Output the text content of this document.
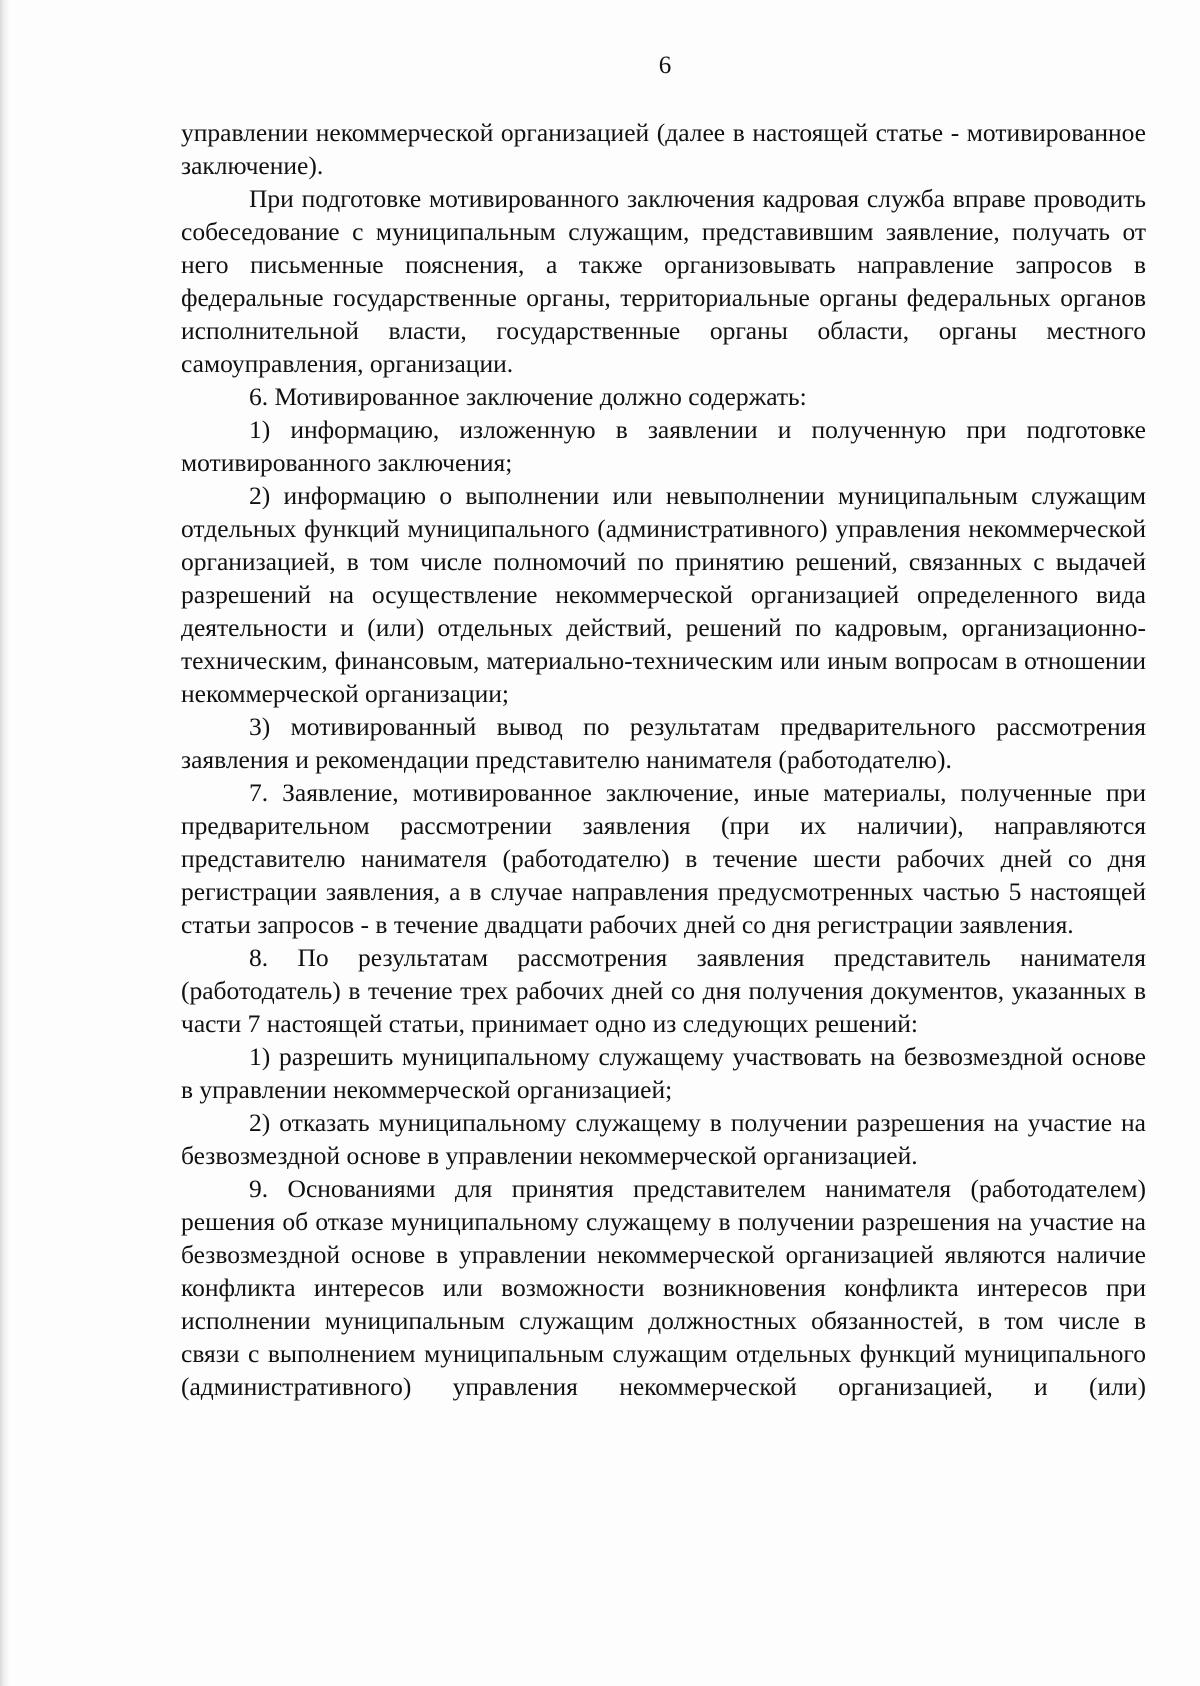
6

управлении некоммерческой организацией (далее в настоящей статье - мотивированное заключение).

При подготовке мотивированного заключения кадровая служба вправе проводить собеседование с муниципальным служащим, представившим заявление, получать от него письменные пояснения, а также организовывать направление запросов в федеральные государственные органы, территориальные органы федеральных органов исполнительной власти, государственные органы области, органы местного самоуправления, организации.

6. Мотивированное заключение должно содержать:

1) информацию, изложенную в заявлении и полученную при подготовке мотивированного заключения;

2) информацию о выполнении или невыполнении муниципальным служащим отдельных функций муниципального (административного) управления некоммерческой организацией, в том числе полномочий по принятию решений, связанных с выдачей разрешений на осуществление некоммерческой организацией определенного вида деятельности и (или) отдельных действий, решений по кадровым, организационно-техническим, финансовым, материально-техническим или иным вопросам в отношении некоммерческой организации;

3) мотивированный вывод по результатам предварительного рассмотрения заявления и рекомендации представителю нанимателя (работодателю).

7. Заявление, мотивированное заключение, иные материалы, полученные при предварительном рассмотрении заявления (при их наличии), направляются представителю нанимателя (работодателю) в течение шести рабочих дней со дня регистрации заявления, а в случае направления предусмотренных частью 5 настоящей статьи запросов - в течение двадцати рабочих дней со дня регистрации заявления.

8. По результатам рассмотрения заявления представитель нанимателя (работодатель) в течение трех рабочих дней со дня получения документов, указанных в части 7 настоящей статьи, принимает одно из следующих решений:

1) разрешить муниципальному служащему участвовать на безвозмездной основе в управлении некоммерческой организацией;

2) отказать муниципальному служащему в получении разрешения на участие на безвозмездной основе в управлении некоммерческой организацией.

9. Основаниями для принятия представителем нанимателя (работодателем) решения об отказе муниципальному служащему в получении разрешения на участие на безвозмездной основе в управлении некоммерческой организацией являются наличие конфликта интересов или возможности возникновения конфликта интересов при исполнении муниципальным служащим должностных обязанностей, в том числе в связи с выполнением муниципальным служащим отдельных функций муниципального (административного) управления некоммерческой организацией, и (или)
